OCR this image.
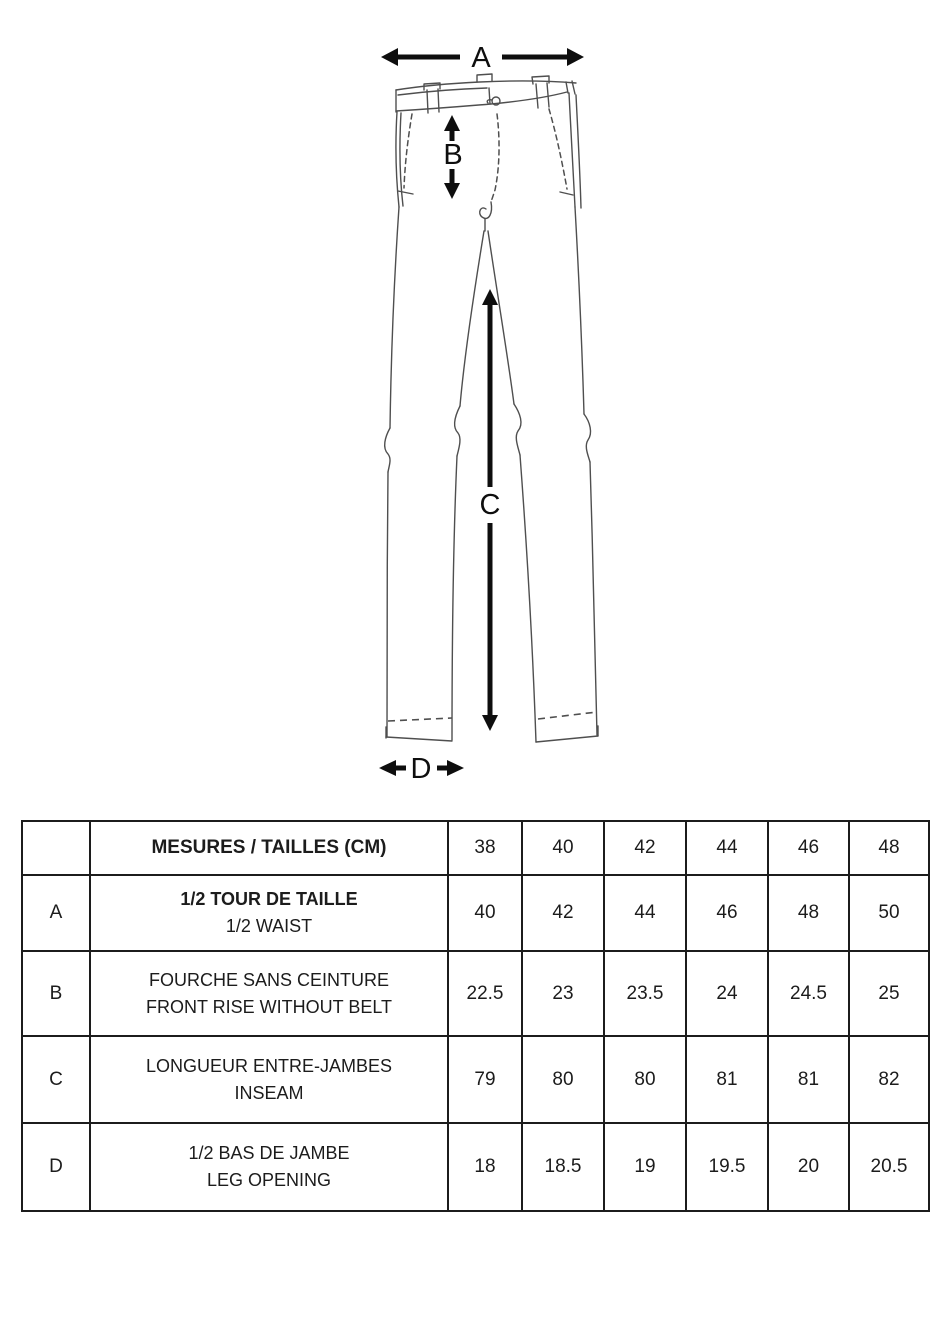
A
B
C
D
	MESURES / TAILLES (CM)	38	40	42	44	46	48
A	1/2 TOUR DE TAILLE
1/2 WAIST	40	42	44	46	48	50
B	FOURCHE SANS CEINTURE
FRONT RISE WITHOUT BELT	22.5	23	23.5	24	24.5	25
C	LONGUEUR ENTRE-JAMBES
INSEAM	79	80	80	81	81	82
D	1/2 BAS DE JAMBE
LEG OPENING	18	18.5	19	19.5	20	20.5
